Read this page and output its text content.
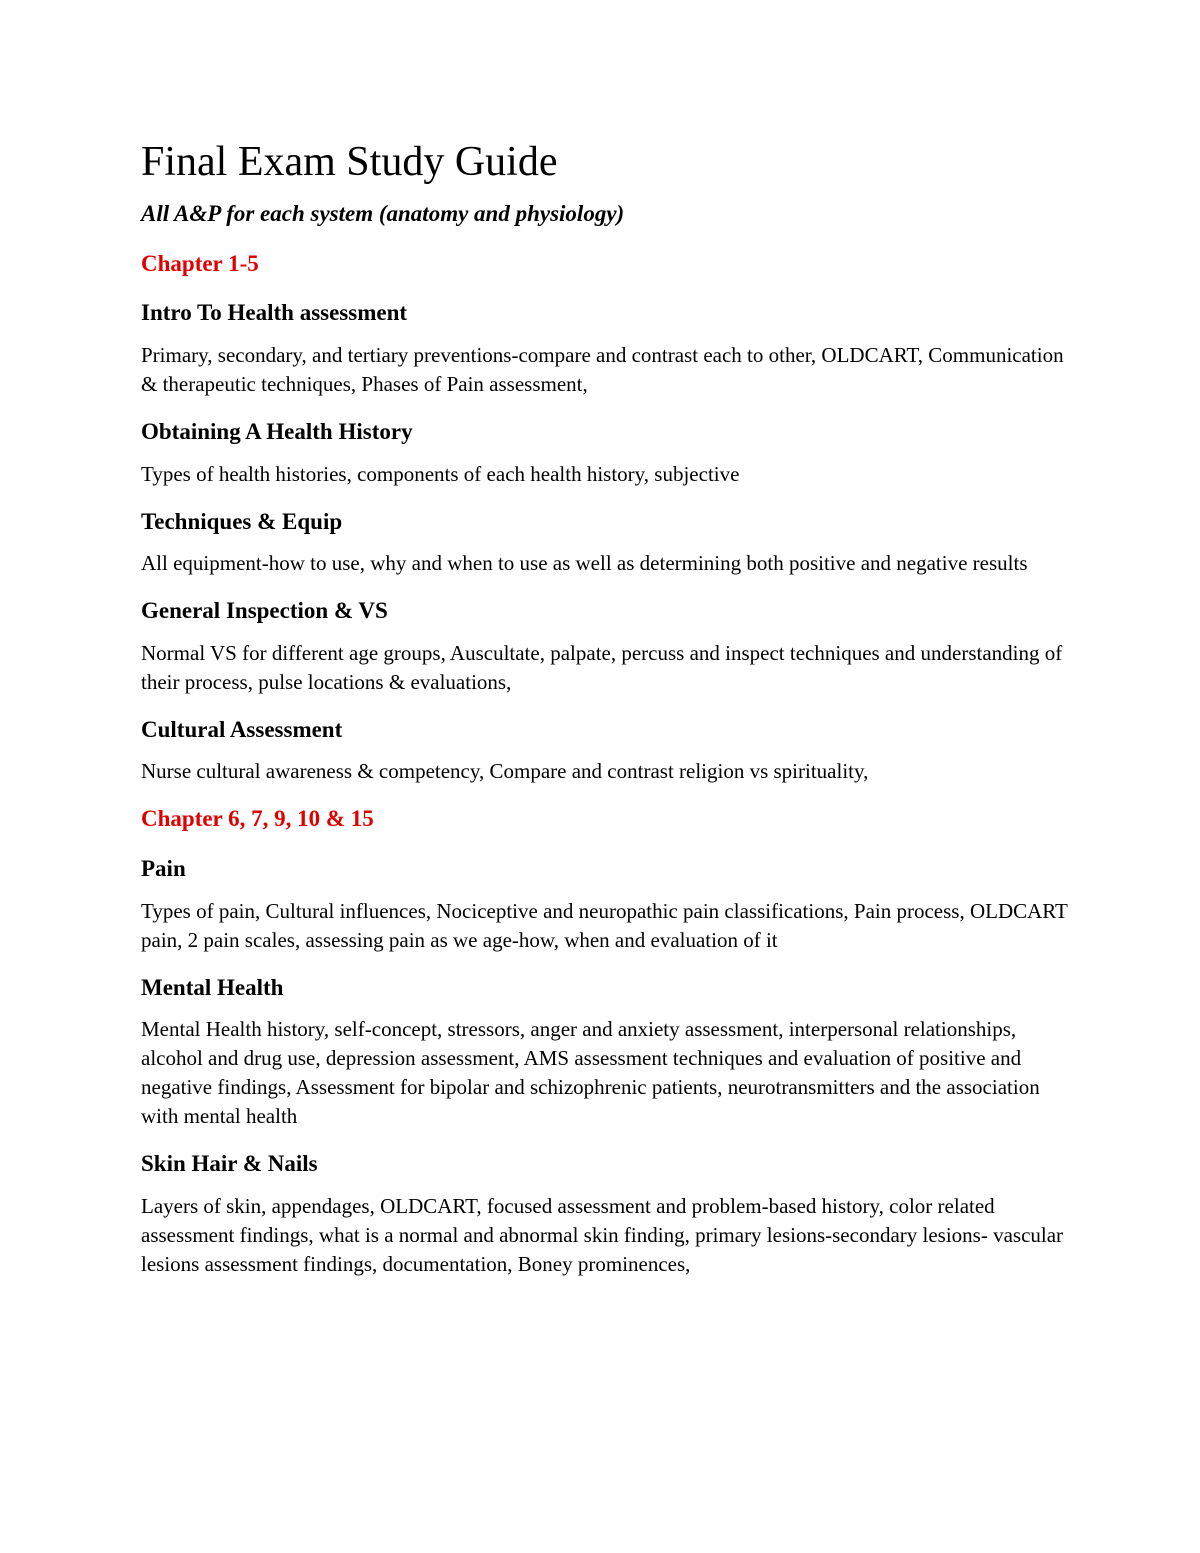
Final Exam Study Guide
All A&P for each system (anatomy and physiology)
Chapter 1-5
Intro To Health assessment
Primary, secondary, and tertiary preventions-compare and contrast each to other, OLDCART, Communication & therapeutic techniques, Phases of Pain assessment,
Obtaining A Health History
Types of health histories, components of each health history, subjective
Techniques & Equip
All equipment-how to use, why and when to use as well as determining both positive and negative results
General Inspection & VS
Normal VS for different age groups, Auscultate, palpate, percuss and inspect techniques and understanding of their process, pulse locations & evaluations,
Cultural Assessment
Nurse cultural awareness & competency, Compare and contrast religion vs spirituality,
Chapter 6, 7, 9, 10 & 15
Pain
Types of pain, Cultural influences, Nociceptive and neuropathic pain classifications, Pain process, OLDCART pain, 2 pain scales, assessing pain as we age-how, when and evaluation of it
Mental Health
Mental Health history, self-concept, stressors, anger and anxiety assessment, interpersonal relationships, alcohol and drug use, depression assessment, AMS assessment techniques and evaluation of positive and negative findings, Assessment for bipolar and schizophrenic patients, neurotransmitters and the association with mental health
Skin Hair & Nails
Layers of skin, appendages, OLDCART, focused assessment and problem-based history, color related assessment findings, what is a normal and abnormal skin finding, primary lesions-secondary lesions- vascular lesions assessment findings, documentation, Boney prominences,
